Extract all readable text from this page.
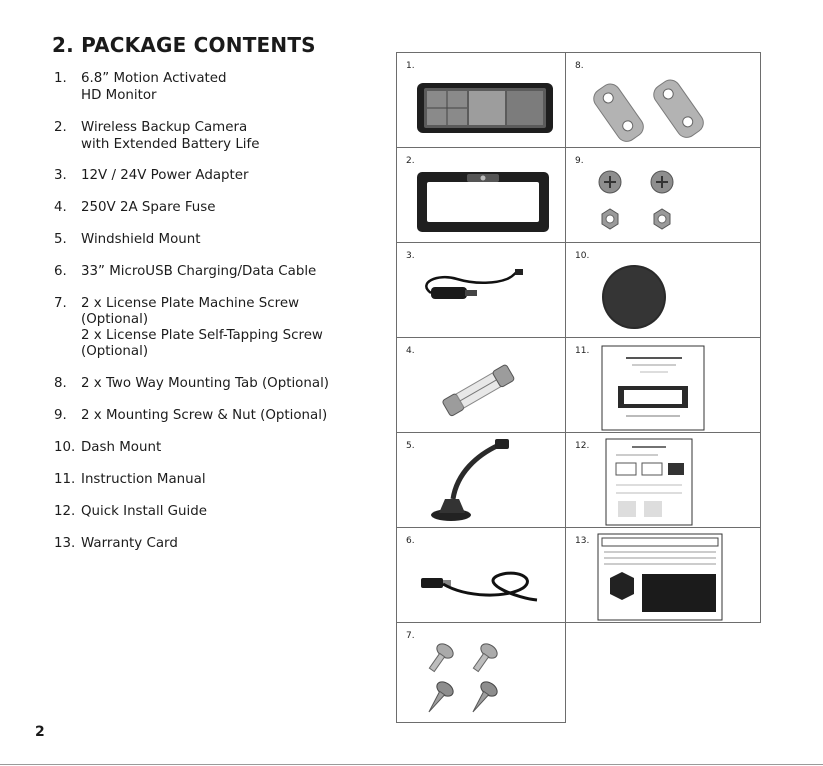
2. PACKAGE CONTENTS
1. 6.8” Motion Activated
HD Monitor
2. Wireless Backup Camera
with Extended Battery Life
3. 12V / 24V Power Adapter
4. 250V 2A Spare Fuse
5. Windshield Mount
6. 33” MicroUSB Charging/Data Cable
7. 2 x License Plate Machine Screw
(Optional)
2 x License Plate Self-Tapping Screw
(Optional)
8. 2 x Two Way Mounting Tab (Optional)
9. 2 x Mounting Screw & Nut (Optional)
10. Dash Mount
11. Instruction Manual
12. Quick Install Guide
13. Warranty Card
2
1.	8.
2.	9.
3.	10.
4.	11.
5.	12.
6.	13.
7.
